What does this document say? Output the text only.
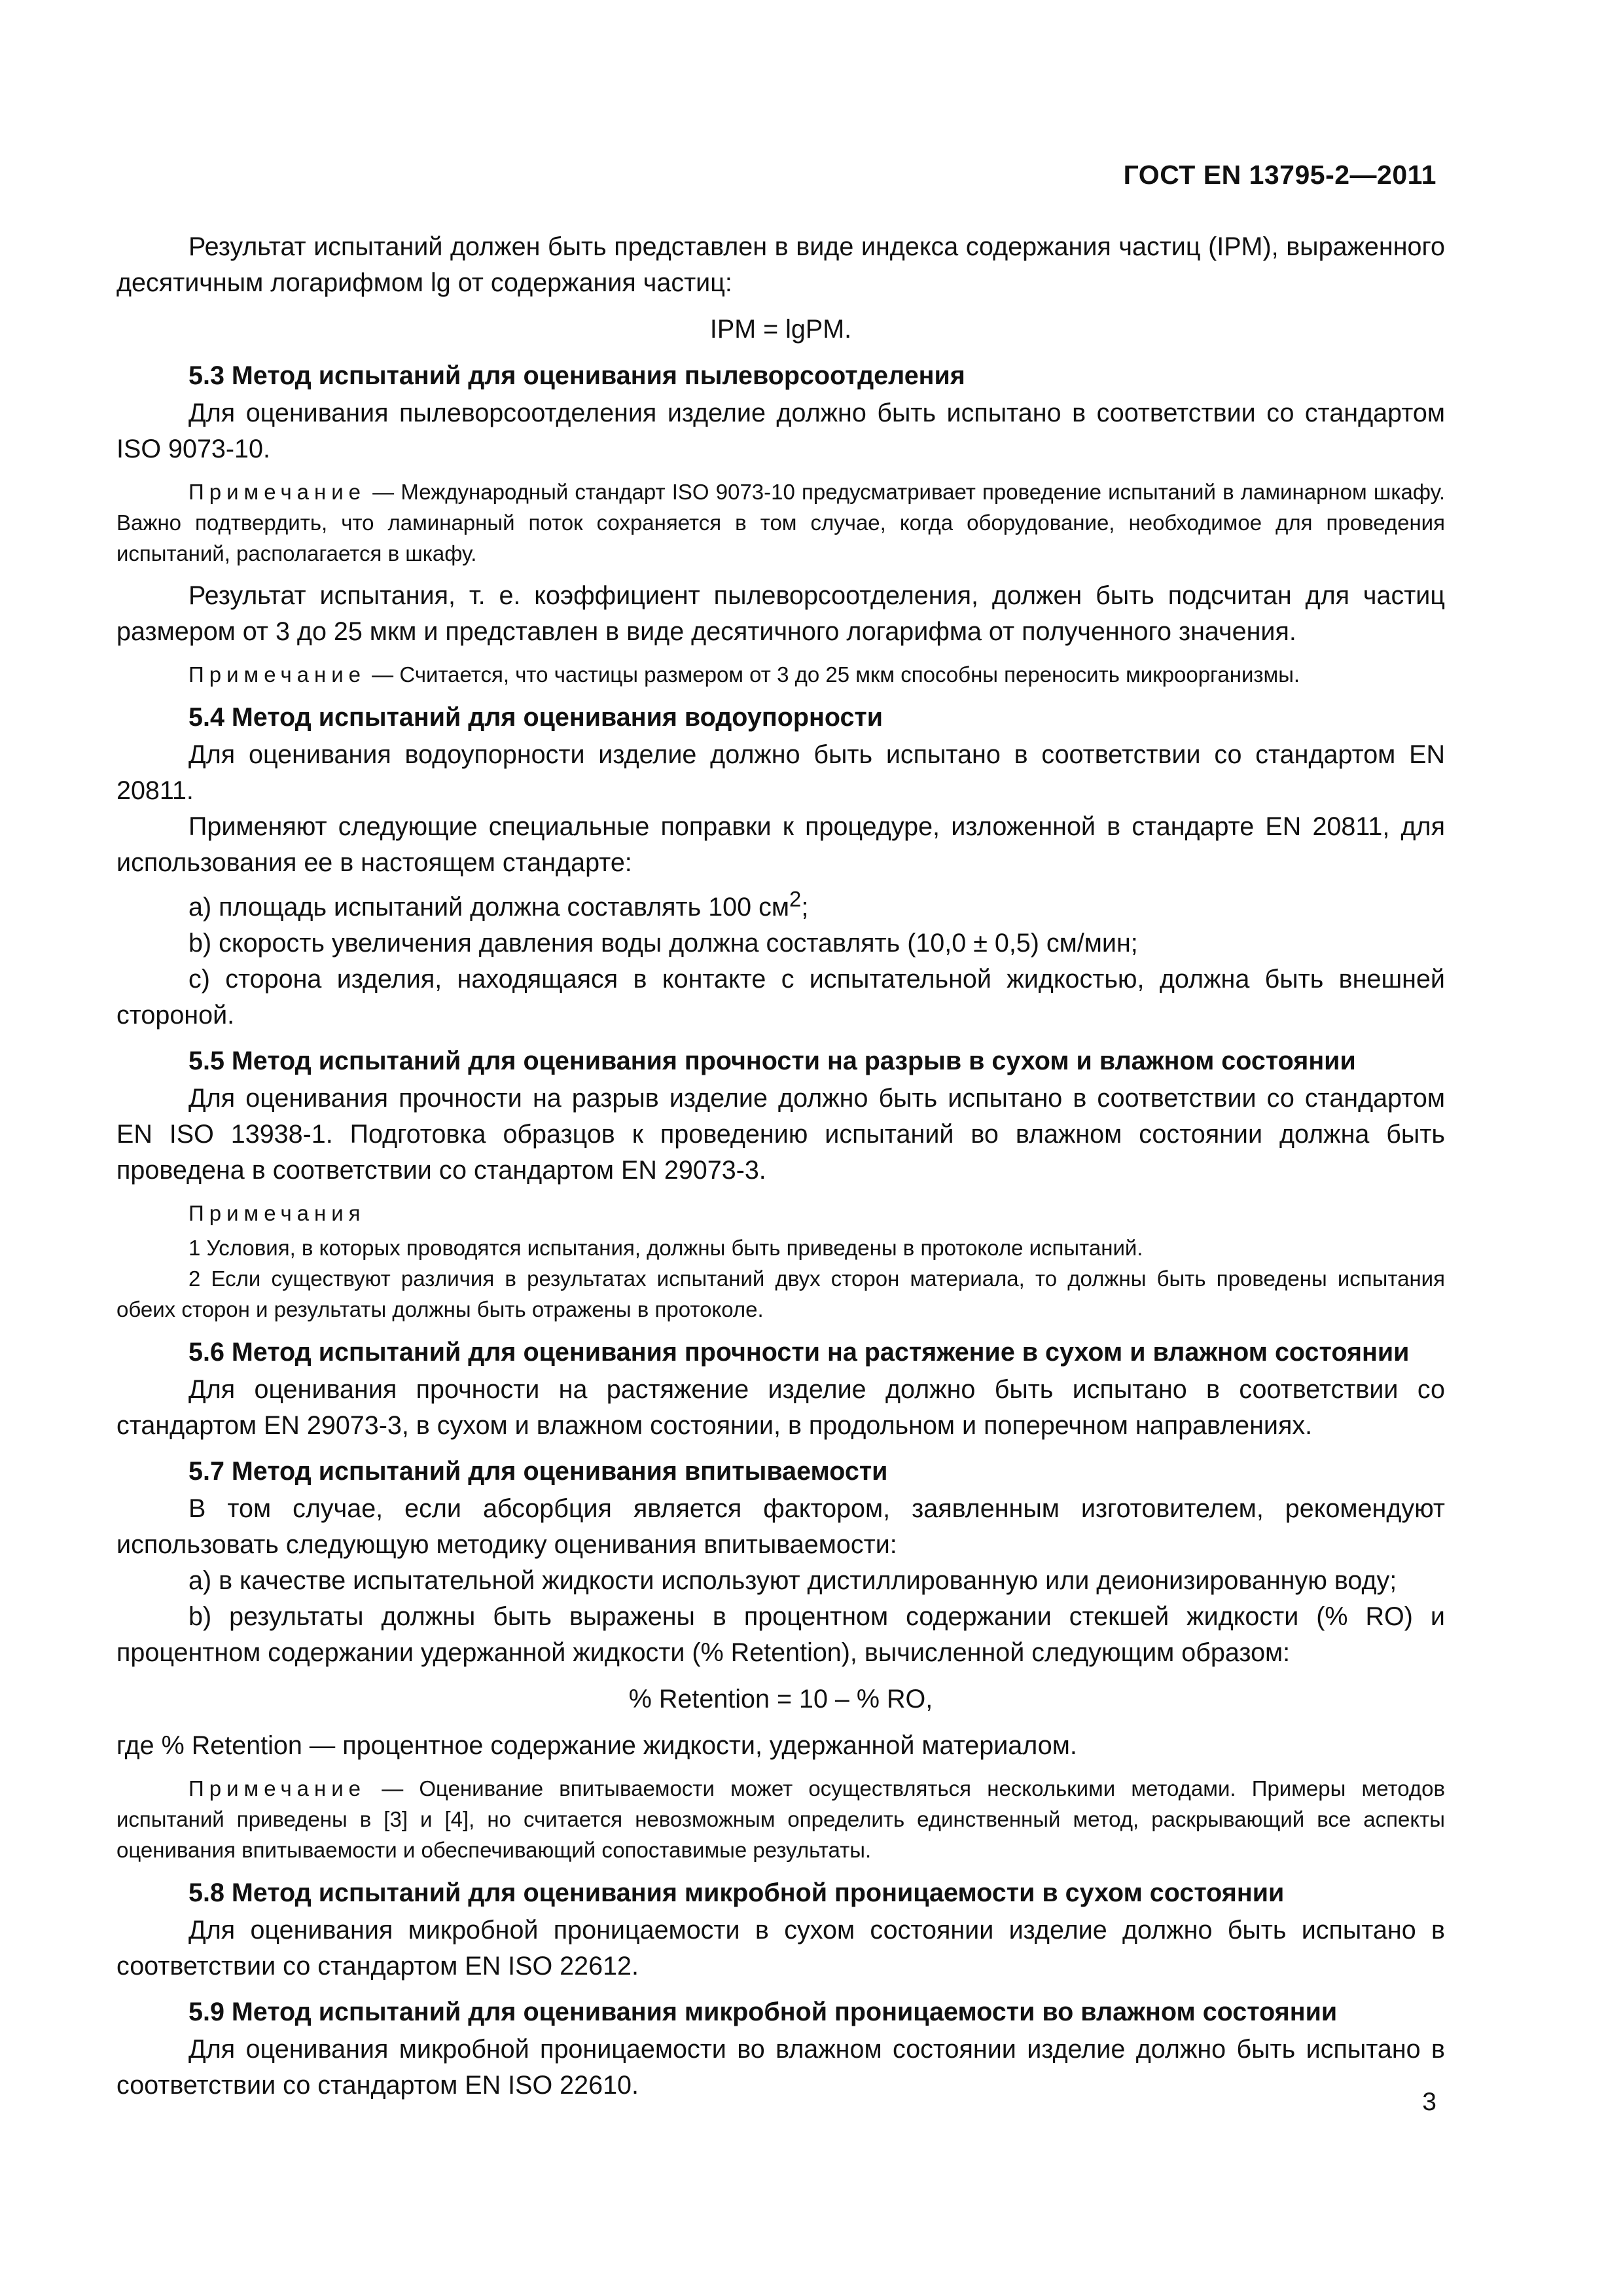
ГОСТ EN 13795-2—2011

Результат испытаний должен быть представлен в виде индекса содержания частиц (IPM), выраженного десятичным логарифмом lg от содержания частиц:

IPM = lgPM.

5.3 Метод испытаний для оценивания пылеворсоотделения

Для оценивания пылеворсоотделения изделие должно быть испытано в соответствии со стандартом ISO 9073-10.

Примечание — Международный стандарт ISO 9073-10 предусматривает проведение испытаний в ламинарном шкафу. Важно подтвердить, что ламинарный поток сохраняется в том случае, когда оборудование, необходимое для проведения испытаний, располагается в шкафу.

Результат испытания, т. е. коэффициент пылеворсоотделения, должен быть подсчитан для частиц размером от 3 до 25 мкм и представлен в виде десятичного логарифма от полученного значения.

Примечание — Считается, что частицы размером от 3 до 25 мкм способны переносить микроорганизмы.

5.4 Метод испытаний для оценивания водоупорности

Для оценивания водоупорности изделие должно быть испытано в соответствии со стандартом EN 20811.

Применяют следующие специальные поправки к процедуре, изложенной в стандарте EN 20811, для использования ее в настоящем стандарте:

а) площадь испытаний должна составлять 100 $см^2$;

b) скорость увеличения давления воды должна составлять (10,0 ± 0,5) см/мин;

с) сторона изделия, находящаяся в контакте с испытательной жидкостью, должна быть внешней стороной.

5.5 Метод испытаний для оценивания прочности на разрыв в сухом и влажном состоянии

Для оценивания прочности на разрыв изделие должно быть испытано в соответствии со стандартом EN ISO 13938-1. Подготовка образцов к проведению испытаний во влажном состоянии должна быть проведена в соответствии со стандартом EN 29073-3.

Примечания

1 Условия, в которых проводятся испытания, должны быть приведены в протоколе испытаний.

2 Если существуют различия в результатах испытаний двух сторон материала, то должны быть проведены испытания обеих сторон и результаты должны быть отражены в протоколе.

5.6 Метод испытаний для оценивания прочности на растяжение в сухом и влажном состоянии

Для оценивания прочности на растяжение изделие должно быть испытано в соответствии со стандартом EN 29073-3, в сухом и влажном состоянии, в продольном и поперечном направлениях.

5.7 Метод испытаний для оценивания впитываемости

В том случае, если абсорбция является фактором, заявленным изготовителем, рекомендуют использовать следующую методику оценивания впитываемости:

а) в качестве испытательной жидкости используют дистиллированную или деионизированную воду;

b) результаты должны быть выражены в процентном содержании стекшей жидкости (% RO) и процентном содержании удержанной жидкости (% Retention), вычисленной следующим образом:

% Retention = 10 – % RO,

где % Retention — процентное содержание жидкости, удержанной материалом.

Примечание — Оценивание впитываемости может осуществляться несколькими методами. Примеры методов испытаний приведены в [3] и [4], но считается невозможным определить единственный метод, раскрывающий все аспекты оценивания впитываемости и обеспечивающий сопоставимые результаты.

5.8 Метод испытаний для оценивания микробной проницаемости в сухом состоянии

Для оценивания микробной проницаемости в сухом состоянии изделие должно быть испытано в соответствии со стандартом EN ISO 22612.

5.9 Метод испытаний для оценивания микробной проницаемости во влажном состоянии

Для оценивания микробной проницаемости во влажном состоянии изделие должно быть испытано в соответствии со стандартом EN ISO 22610.

3
